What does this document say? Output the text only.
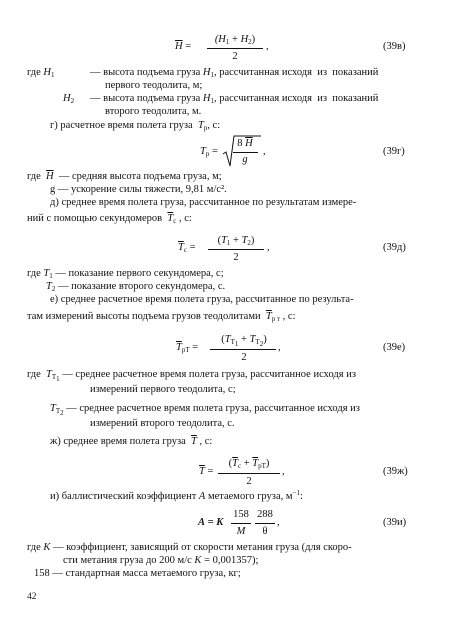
$\overline{H}$ =
$(H_1 + H_2)$
2
,	(39в)
где $H_1$	— высота подъема груза $H_1$, рассчитанная исходя  из  показаний
первого теодолита, м;
$H_2$ — высота подъема груза $H_1$, рассчитанная исходя  из  показаний
второго теодолита, м.
г) расчетное время полета груза  $T_р$, с:
$T_р$ =
8 $\overline{H}$
g
,	(39г)
где  $\overline{H}$  — средняя высота подъема груза, м;
g — ускорение силы тяжести, 9,81 м/с².
д) среднее время полета груза, рассчитанное по результатам измере-
ний с помощью секундомеров  $\overline{T}_с$ , с:
$\overline{T}_с$ =
$(T_1 + T_2)$
2
,	(39д)
где $T_1$ — показание первого секундомера, с;
$T_2$ — показание второго секундомера, с.
е) среднее расчетное время полета груза, рассчитанное по результа-
там измерений высоты подъема грузов теодолитами  $\overline{T}_{р т}$ , с:
$\overline{T}_{рТ}$ =
$(T_{Т_1} + T_{Т_2})$
2
,	(39е)
где  $T_{Т_1}$ — среднее расчетное время полета груза, рассчитанное исходя из
измерений первого теодолита, с;
$T_{Т_2}$ — среднее расчетное время полета груза, рассчитанное исходя из
измерений второго теодолита, с.
ж) среднее время полета груза  $\overline{T}$ , с:
$\overline{T}$ =
$(\overline{T}_с + \overline{T}_{рТ})$
2
,	(39ж)
и) баллистический коэффициент A метаемого груза, $м^{-1}$:
A = K
158
M
288
θ
,	(39и)
где K — коэффициент, зависящий от скорости метания груза (для скоро-
сти метания груза до 200 м/с K = 0,001357);
158 — стандартная масса метаемого груза, кг;
42
